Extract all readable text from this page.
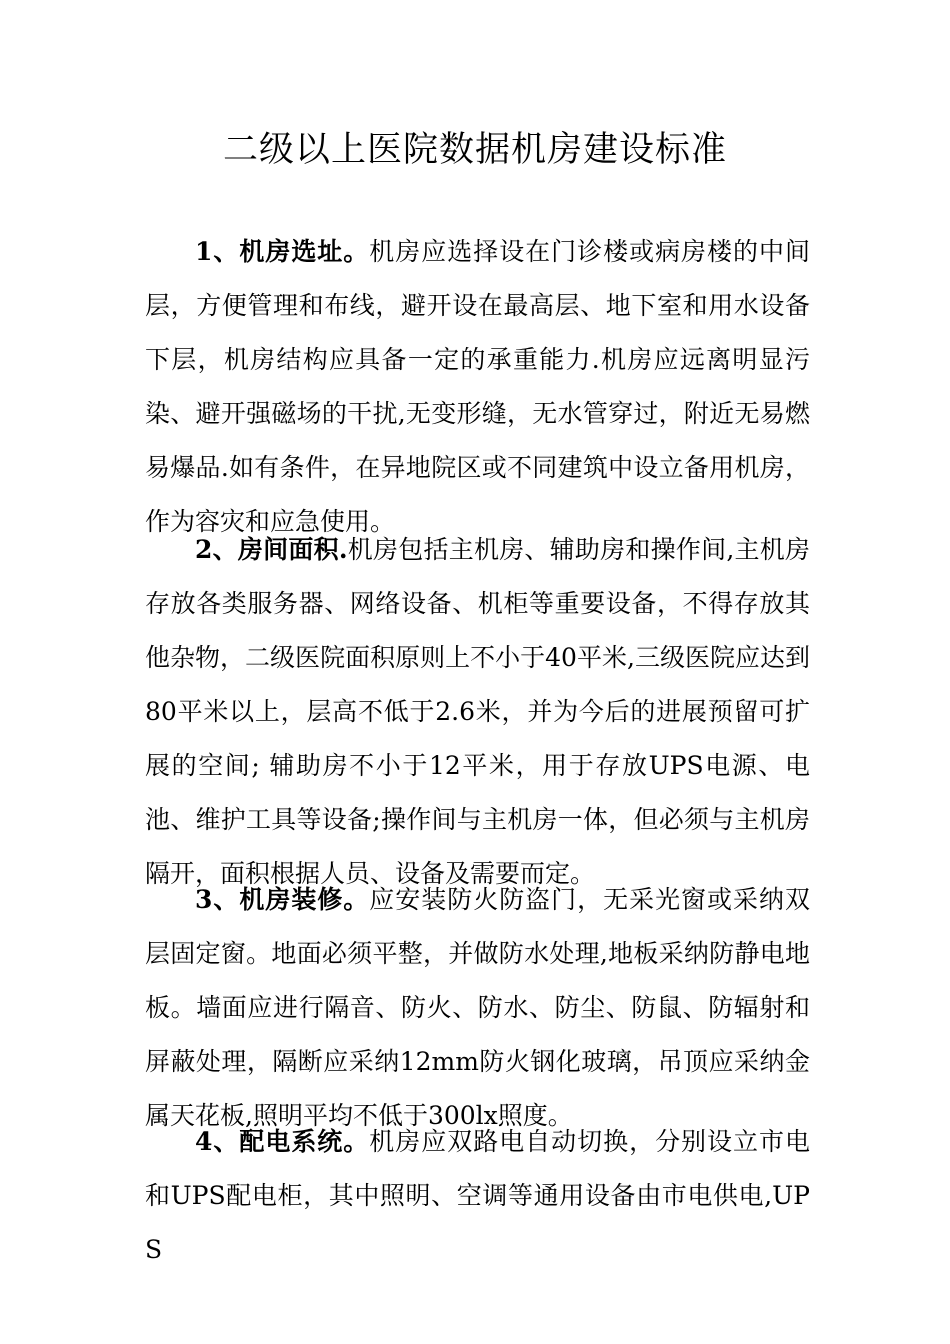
二级以上医院数据机房建设标准

1、机房选址。机房应选择设在门诊楼或病房楼的中间层，方便管理和布线，避开设在最高层、地下室和用水设备下层，机房结构应具备一定的承重能力.机房应远离明显污染、避开强磁场的干扰,无变形缝，无水管穿过，附近无易燃易爆品.如有条件，在异地院区或不同建筑中设立备用机房，作为容灾和应急使用。

2、房间面积.机房包括主机房、辅助房和操作间,主机房存放各类服务器、网络设备、机柜等重要设备，不得存放其他杂物，二级医院面积原则上不小于40平米,三级医院应达到80平米以上，层高不低于2.6米，并为今后的进展预留可扩展的空间; 辅助房不小于12平米，用于存放UPS电源、电池、维护工具等设备;操作间与主机房一体，但必须与主机房隔开，面积根据人员、设备及需要而定。

3、机房装修。应安装防火防盗门，无采光窗或采纳双层固定窗。地面必须平整，并做防水处理,地板采纳防静电地板。墙面应进行隔音、防火、防水、防尘、防鼠、防辐射和屏蔽处理，隔断应采纳12mm防火钢化玻璃，吊顶应采纳金属天花板,照明平均不低于300lx照度。

4、配电系统。机房应双路电自动切换，分别设立市电和UPS配电柜，其中照明、空调等通用设备由市电供电,UPS
